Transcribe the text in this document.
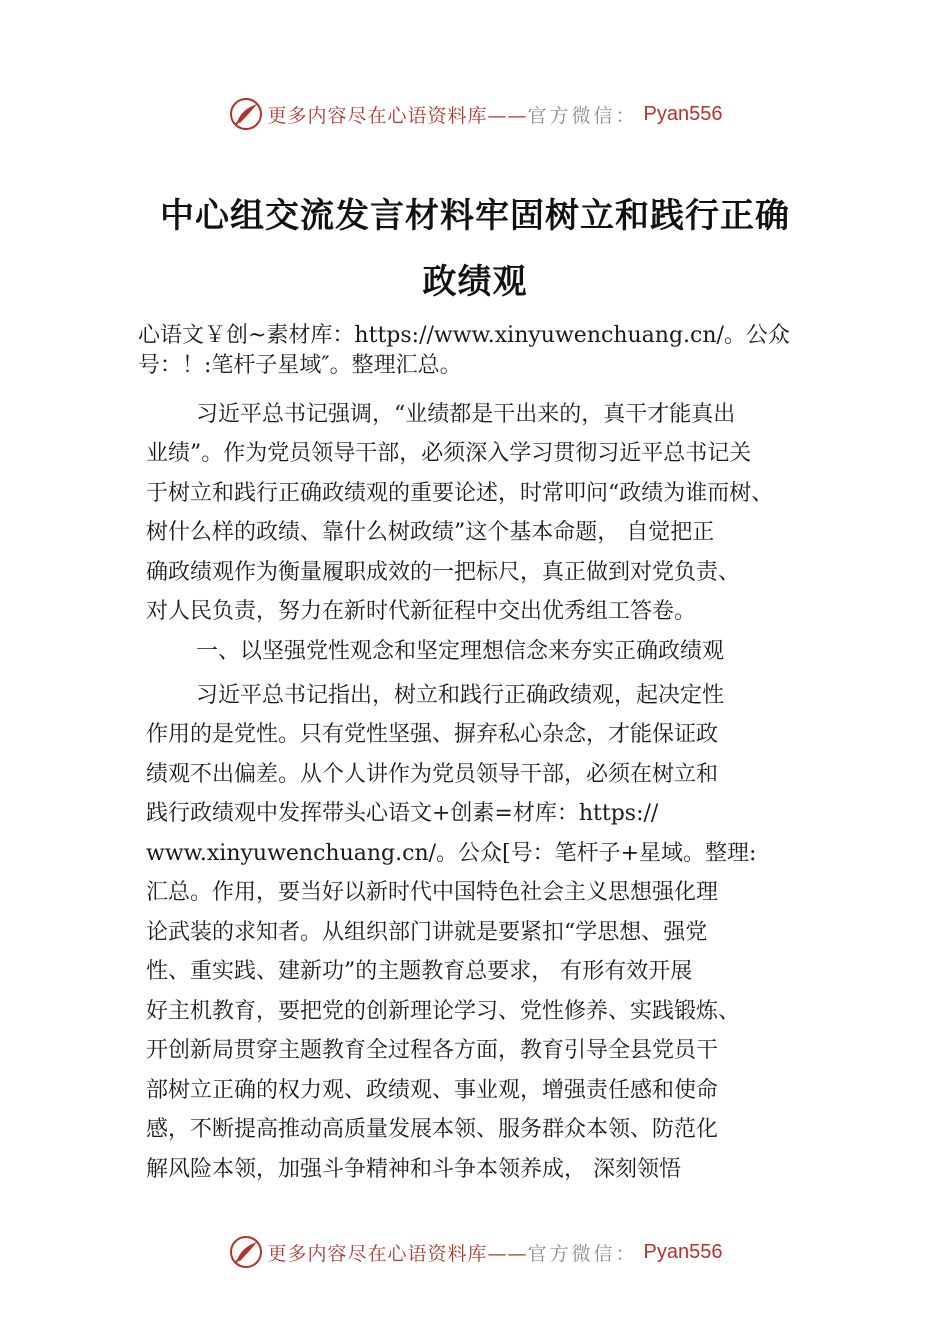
更多内容尽在心语资料库—— 官方微信： Pyan556
中心组交流发言材料牢固树立和践行正确
政绩观
心语文￥创~素材库：https://www.xinyuwenchuang.cn/。公众
号：！:笔杆子星域″。整理汇总。
习近平总书记强调，“业绩都是干出来的，真干才能真出
业绩”。作为党员领导干部，必须深入学习贯彻习近平总书记关
于树立和践行正确政绩观的重要论述，时常叩问“政绩为谁而树、
树什么样的政绩、靠什么树政绩”这个基本命题， 自觉把正
确政绩观作为衡量履职成效的一把标尺，真正做到对党负责、
对人民负责，努力在新时代新征程中交出优秀组工答卷。
一、以坚强党性观念和坚定理想信念来夯实正确政绩观
习近平总书记指出，树立和践行正确政绩观，起决定性
作用的是党性。只有党性坚强、摒弃私心杂念，才能保证政
绩观不出偏差。从个人讲作为党员领导干部，必须在树立和
践行政绩观中发挥带头心语文+创素=材库：https://
www.xinyuwenchuang.cn/。公众[号：笔杆子+星域。整理:
汇总。作用，要当好以新时代中国特色社会主义思想强化理
论武装的求知者。从组织部门讲就是要紧扣“学思想、强党
性、重实践、建新功”的主题教育总要求， 有形有效开展
好主机教育，要把党的创新理论学习、党性修养、实践锻炼、
开创新局贯穿主题教育全过程各方面，教育引导全县党员干
部树立正确的权力观、政绩观、事业观，增强责任感和使命
感，不断提高推动高质量发展本领、服务群众本领、防范化
解风险本领，加强斗争精神和斗争本领养成， 深刻领悟
更多内容尽在心语资料库—— 官方微信： Pyan556
